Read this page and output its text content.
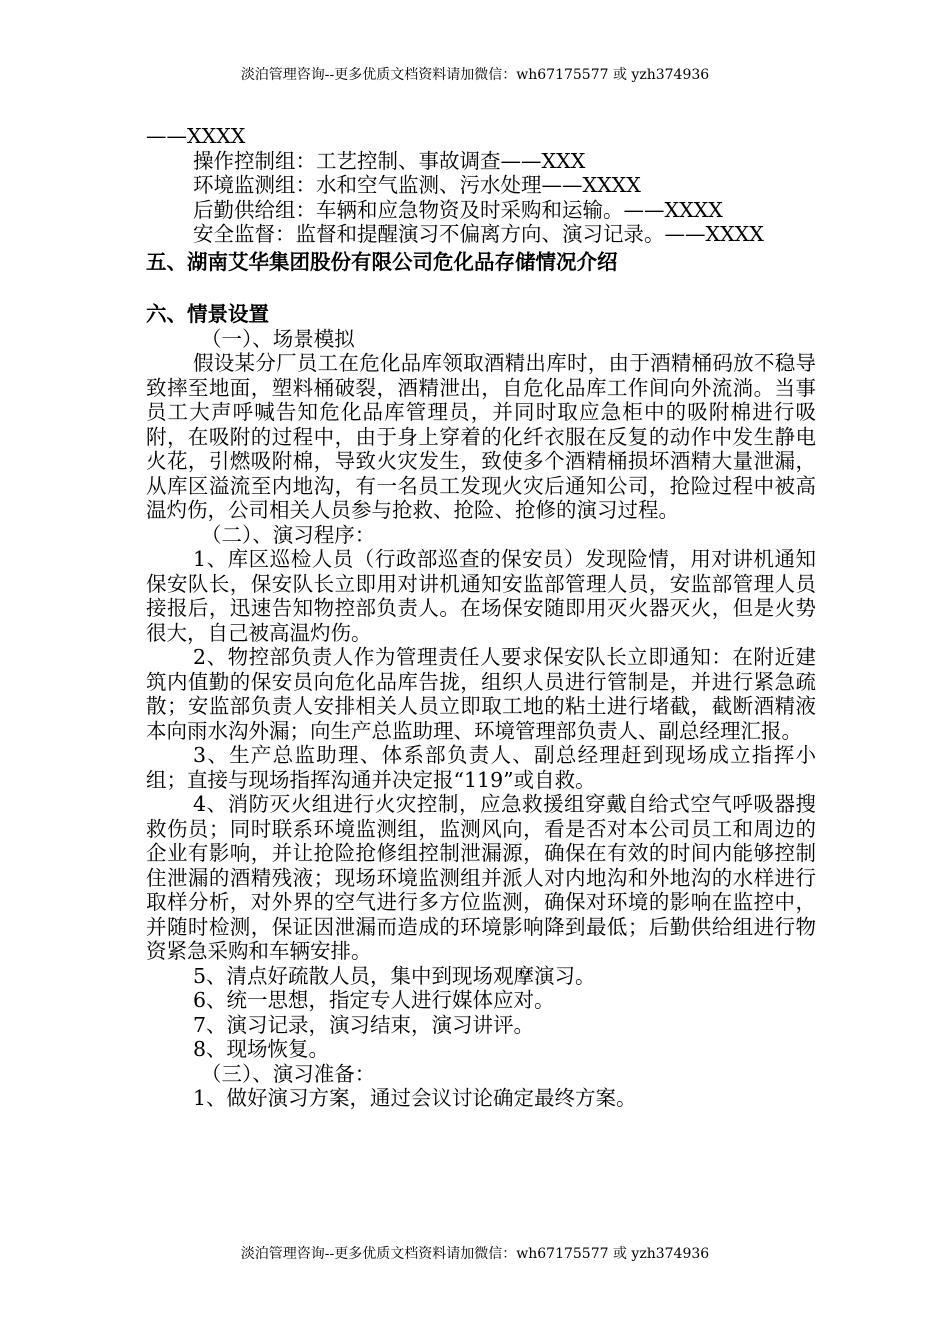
淡泊管理咨询--更多优质文档资料请加微信：wh67175577 或 yzh374936

——XXXX

操作控制组：工艺控制、事故调查——XXX

环境监测组：水和空气监测、污水处理——XXXX

后勤供给组：车辆和应急物资及时采购和运输。——XXXX

安全监督：监督和提醒演习不偏离方向、演习记录。——XXXX

五、湖南艾华集团股份有限公司危化品存储情况介绍

六、情景设置

（一）、场景模拟

假设某分厂员工在危化品库领取酒精出库时，由于酒精桶码放不稳导致摔至地面，塑料桶破裂，酒精泄出，自危化品库工作间向外流淌。当事员工大声呼喊告知危化品库管理员，并同时取应急柜中的吸附棉进行吸附，在吸附的过程中，由于身上穿着的化纤衣服在反复的动作中发生静电火花，引燃吸附棉，导致火灾发生，致使多个酒精桶损坏酒精大量泄漏，从库区溢流至内地沟，有一名员工发现火灾后通知公司，抢险过程中被高温灼伤，公司相关人员参与抢救、抢险、抢修的演习过程。

（二）、演习程序：

1、库区巡检人员（行政部巡查的保安员）发现险情，用对讲机通知保安队长，保安队长立即用对讲机通知安监部管理人员，安监部管理人员接报后，迅速告知物控部负责人。在场保安随即用灭火器灭火，但是火势很大，自己被高温灼伤。

2、物控部负责人作为管理责任人要求保安队长立即通知：在附近建筑内值勤的保安员向危化品库告拢，组织人员进行管制是，并进行紧急疏散；安监部负责人安排相关人员立即取工地的粘土进行堵截，截断酒精液本向雨水沟外漏；向生产总监助理、环境管理部负责人、副总经理汇报。

3、生产总监助理、体系部负责人、副总经理赶到现场成立指挥小组；直接与现场指挥沟通并决定报“119”或自救。

4、消防灭火组进行火灾控制，应急救援组穿戴自给式空气呼吸器搜救伤员；同时联系环境监测组，监测风向，看是否对本公司员工和周边的企业有影响，并让抢险抢修组控制泄漏源，确保在有效的时间内能够控制住泄漏的酒精残液；现场环境监测组并派人对内地沟和外地沟的水样进行取样分析，对外界的空气进行多方位监测，确保对环境的影响在监控中，并随时检测，保证因泄漏而造成的环境影响降到最低；后勤供给组进行物资紧急采购和车辆安排。

5、清点好疏散人员，集中到现场观摩演习。

6、统一思想，指定专人进行媒体应对。

7、演习记录，演习结束，演习讲评。

8、现场恢复。

（三）、演习准备：

1、做好演习方案，通过会议讨论确定最终方案。

淡泊管理咨询--更多优质文档资料请加微信：wh67175577 或 yzh374936
